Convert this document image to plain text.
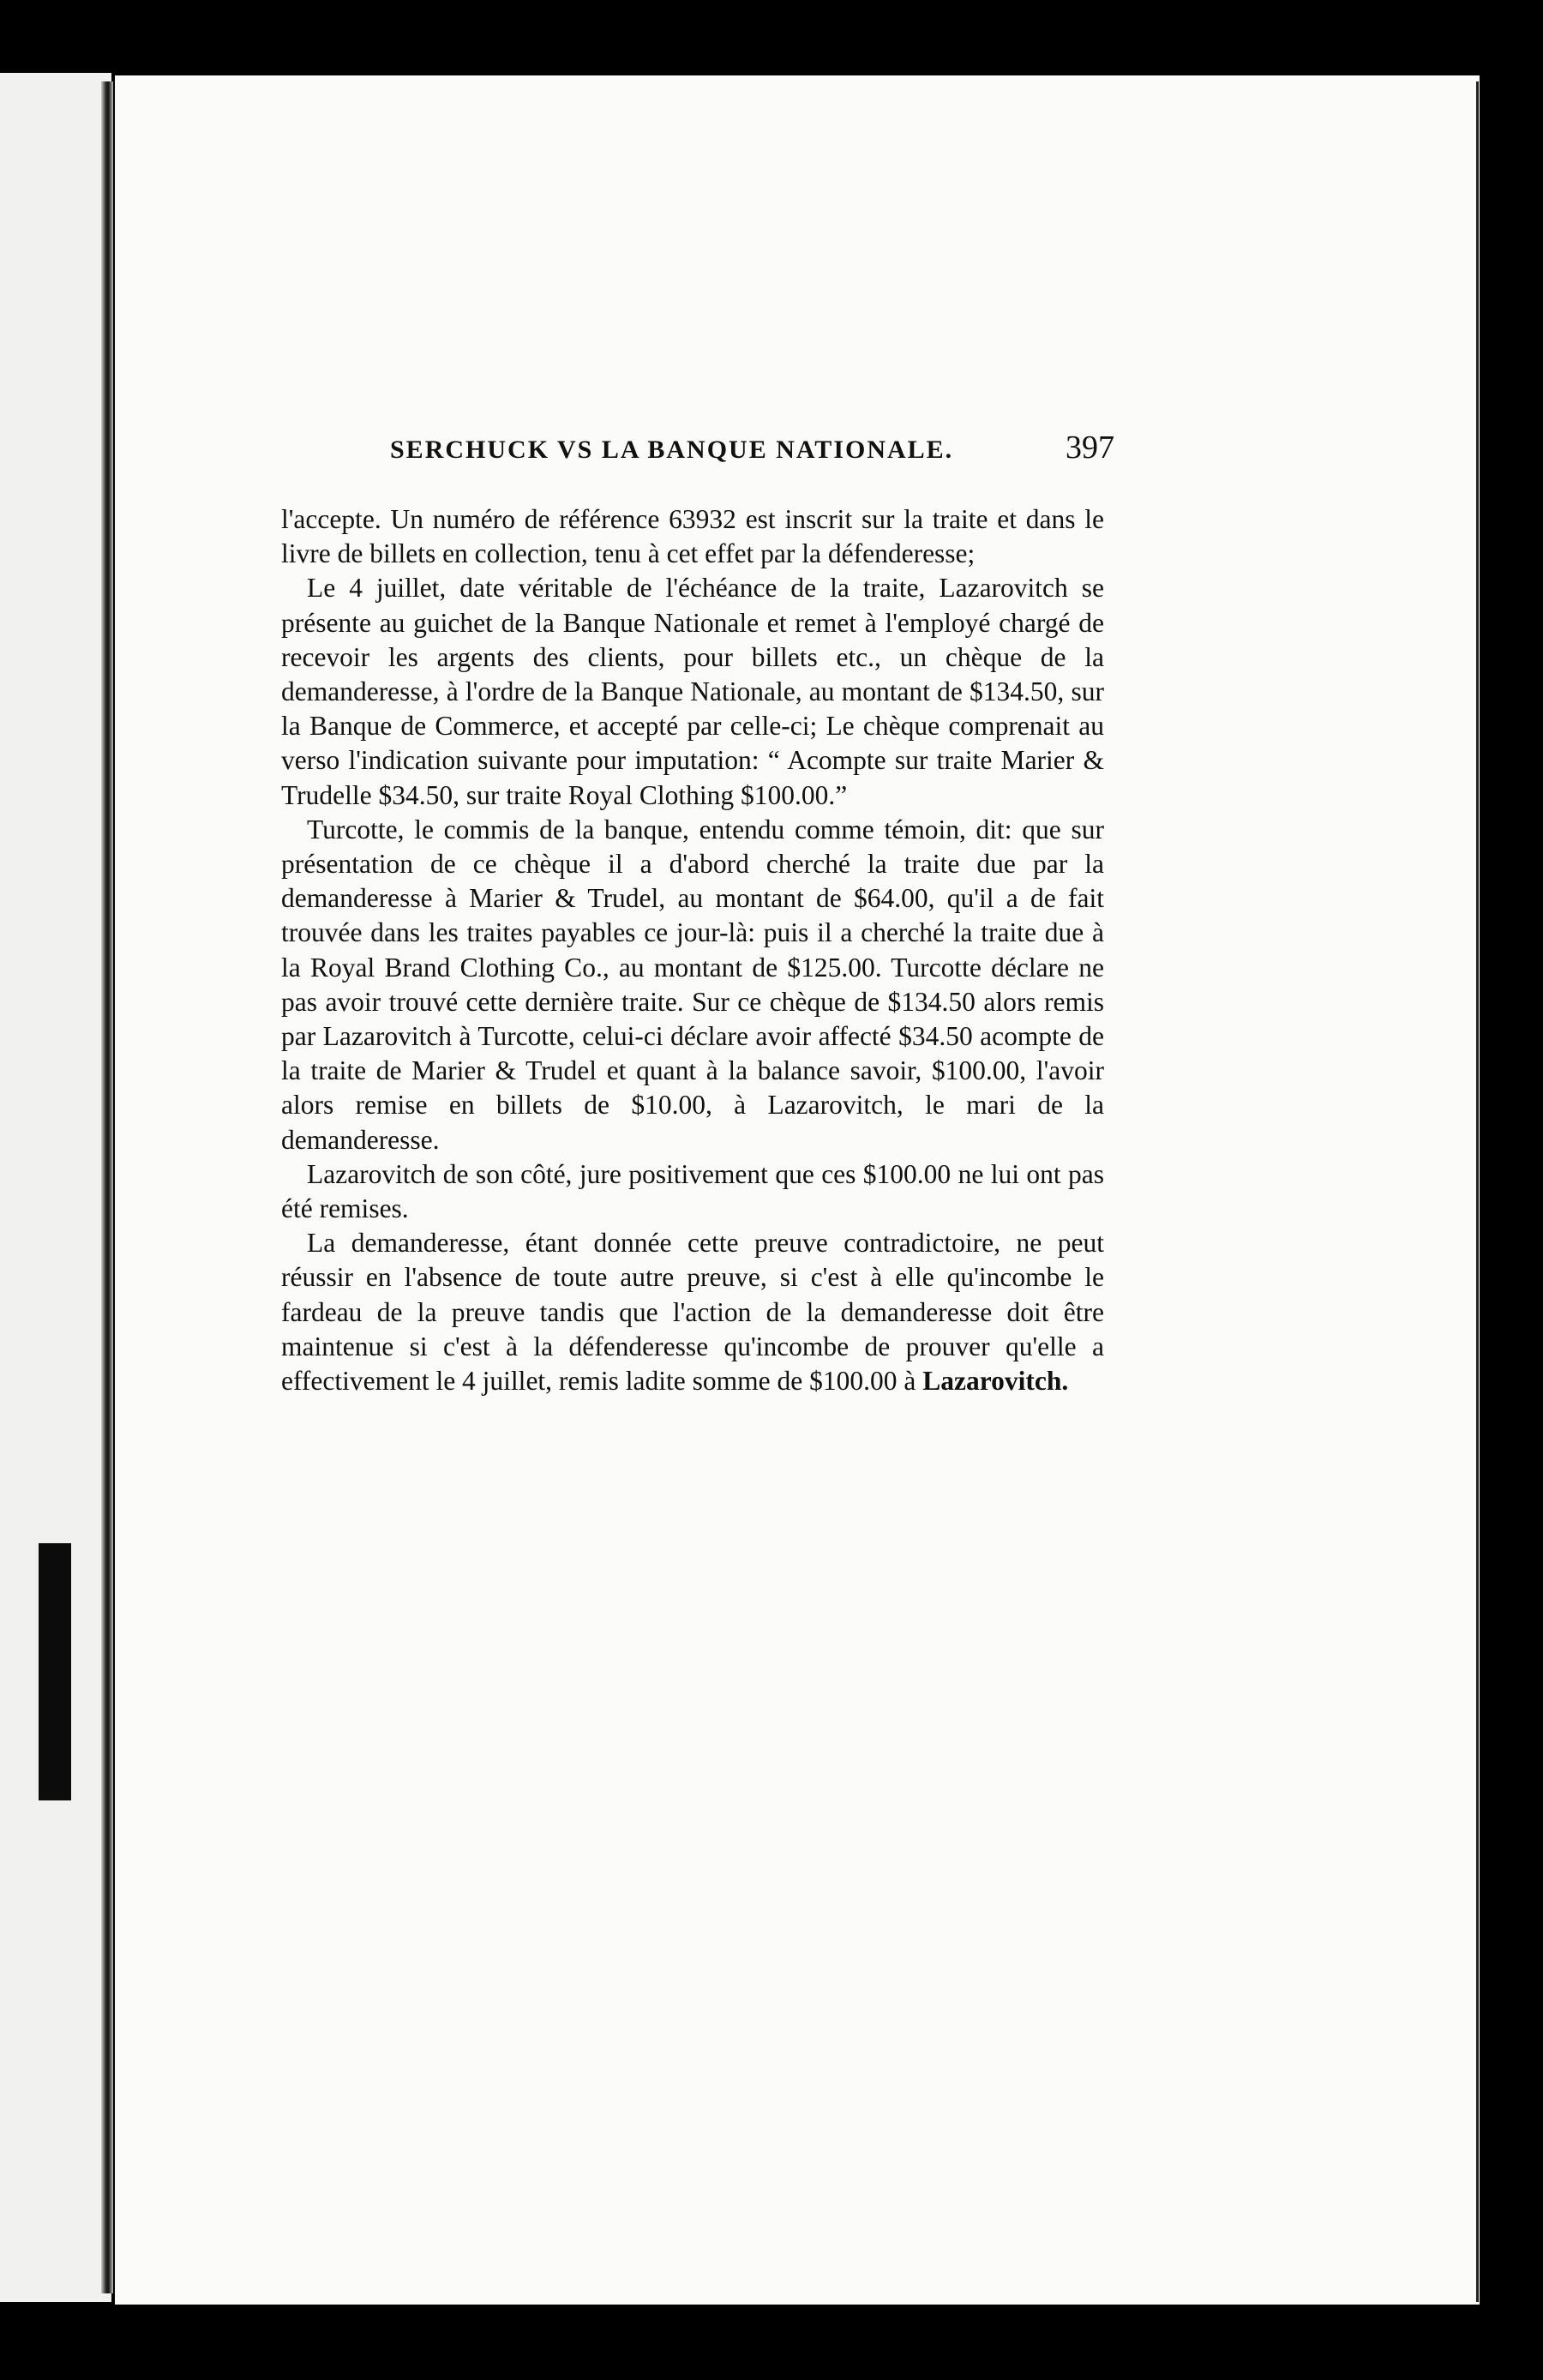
SERCHUCK VS LA BANQUE NATIONALE.	397

l'accepte. Un numéro de référence 63932 est inscrit sur la traite et dans le livre de billets en collection, tenu à cet effet par la défenderesse;

Le 4 juillet, date véritable de l'échéance de la traite, Lazarovitch se présente au guichet de la Banque Nationale et remet à l'employé chargé de recevoir les argents des clients, pour billets etc., un chèque de la demanderesse, à l'ordre de la Banque Nationale, au montant de $134.50, sur la Banque de Commerce, et accepté par celle-ci; Le chèque comprenait au verso l'indication suivante pour imputation: “ Acompte sur traite Marier & Trudelle $34.50, sur traite Royal Clothing $100.00.”

Turcotte, le commis de la banque, entendu comme témoin, dit: que sur présentation de ce chèque il a d'abord cherché la traite due par la demanderesse à Marier & Trudel, au montant de $64.00, qu'il a de fait trouvée dans les traites payables ce jour-là: puis il a cherché la traite due à la Royal Brand Clothing Co., au montant de $125.00. Turcotte déclare ne pas avoir trouvé cette dernière traite. Sur ce chèque de $134.50 alors remis par Lazarovitch à Turcotte, celui-ci déclare avoir affecté $34.50 acompte de la traite de Marier & Trudel et quant à la balance savoir, $100.00, l'avoir alors remise en billets de $10.00, à Lazarovitch, le mari de la demanderesse.

Lazarovitch de son côté, jure positivement que ces $100.00 ne lui ont pas été remises.

La demanderesse, étant donnée cette preuve contradictoire, ne peut réussir en l'absence de toute autre preuve, si c'est à elle qu'incombe le fardeau de la preuve tandis que l'action de la demanderesse doit être maintenue si c'est à la défenderesse qu'incombe de prouver qu'elle a effectivement le 4 juillet, remis ladite somme de $100.00 à Lazarovitch.
